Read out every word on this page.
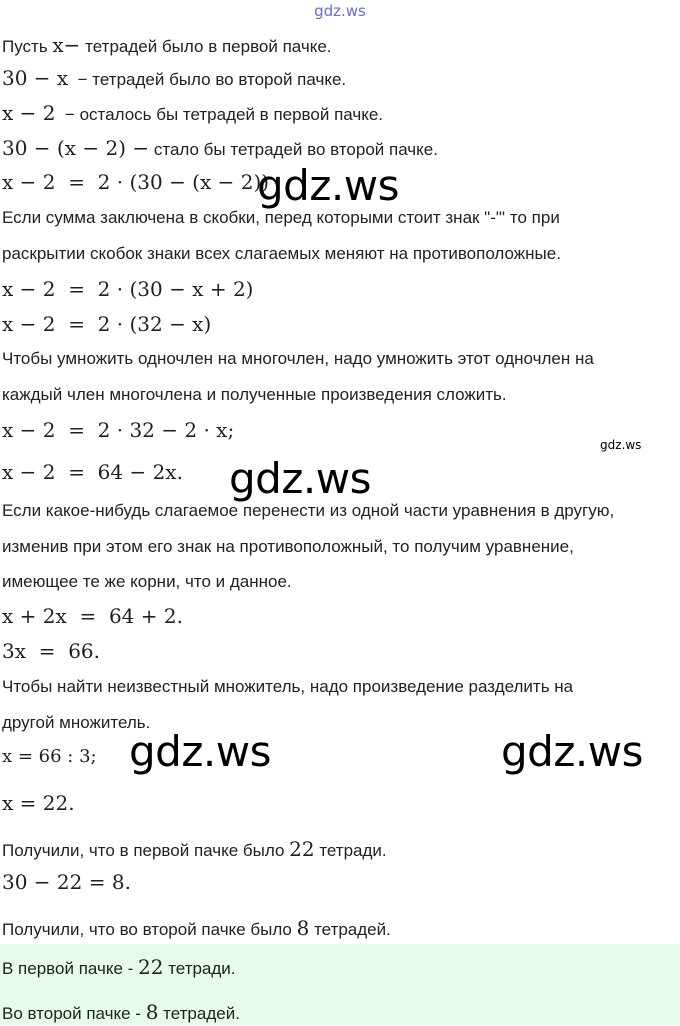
gdz.ws
Пусть x− тетрадей было в первой пачке.
30 − x  − тетрадей было во второй пачке.
x − 2  − осталось бы тетрадей в первой пачке.
30 − (x − 2) − стало бы тетрадей во второй пачке.
x − 2  =  2 · (30 − (x − 2))
gdz.ws
Если сумма заключена в скобки, перед которыми стоит знак "-"' то при
раскрытии скобок знаки всех слагаемых меняют на противоположные.
x − 2  =  2 · (30 − x + 2)
x − 2  =  2 · (32 − x)
Чтобы умножить одночлен на многочлен, надо умножить этот одночлен на
каждый член многочлена и полученные произведения сложить.
x − 2  =  2 · 32 − 2 · x;
gdz.ws
x − 2  =  64 − 2x. gdz.ws
Если какое-нибудь слагаемое перенести из одной части уравнения в другую,
изменив при этом его знак на противоположный, то получим уравнение,
имеющее те же корни, что и данное.
x + 2x  =  64 + 2.
3x  =  66.
Чтобы найти неизвестный множитель, надо произведение разделить на
другой множитель.
x = 66 : 3; gdz.ws	gdz.ws
x = 22.
Получили, что в первой пачке было 22 тетради.
30 − 22 = 8.
Получили, что во второй пачке было 8 тетрадей.
В первой пачке - 22 тетради.
Во второй пачке - 8 тетрадей.
